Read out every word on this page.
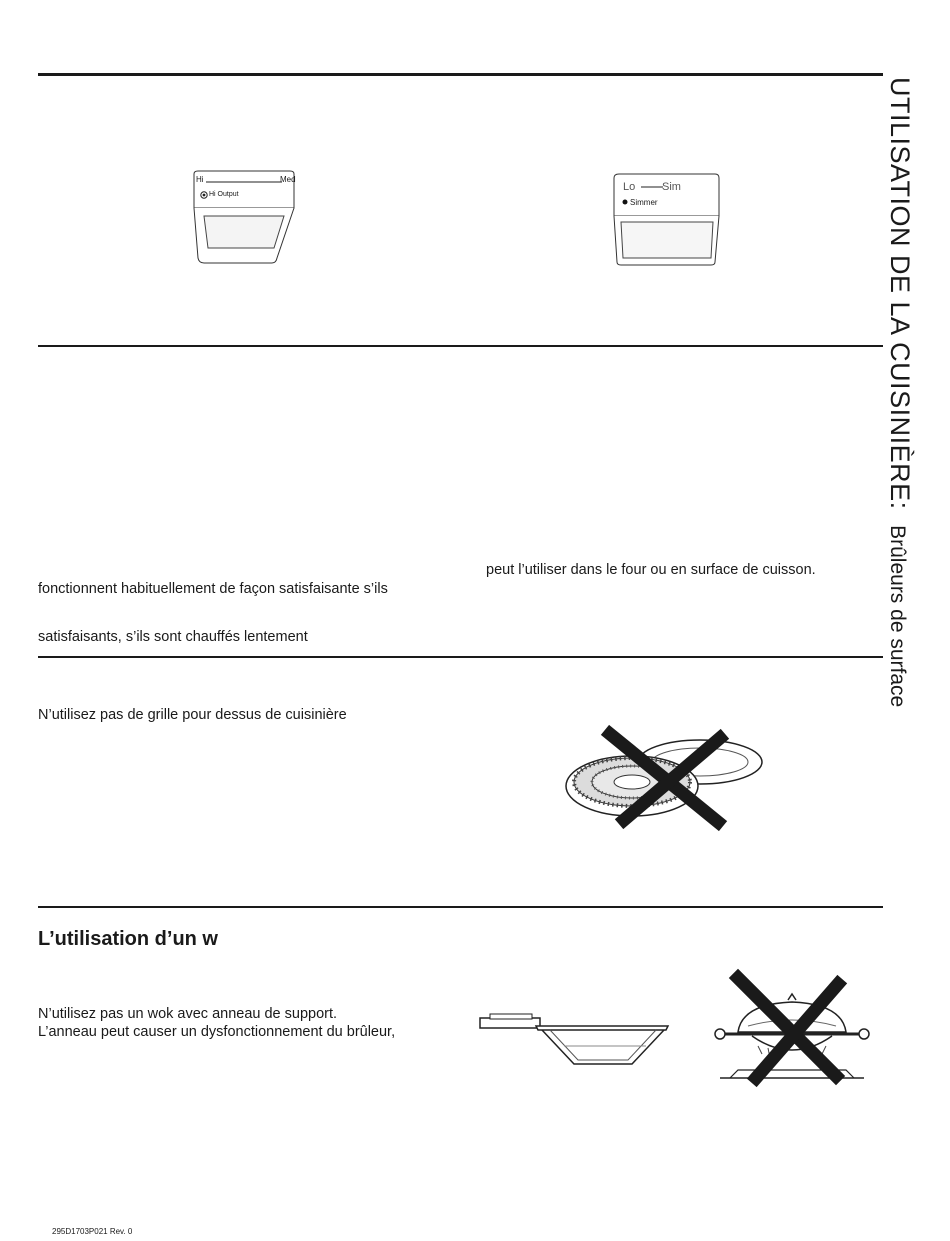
UTILISATION DE LA CUISINIÈRE: Brûleurs de surface
Hi	Med
Hi Output
Lo Sim
Simmer
peut l’utiliser dans le four ou en surface de cuisson.
fonctionnent habituellement de façon satisfaisante s’ils
satisfaisants, s’ils sont chauffés lentement
N’utilisez pas de grille pour dessus de cuisinière
L’utilisation d’un w
N’utilisez pas un wok avec anneau de support.
L’anneau peut causer un dysfonctionnement du brûleur,
295D1703P021 Rev. 0
